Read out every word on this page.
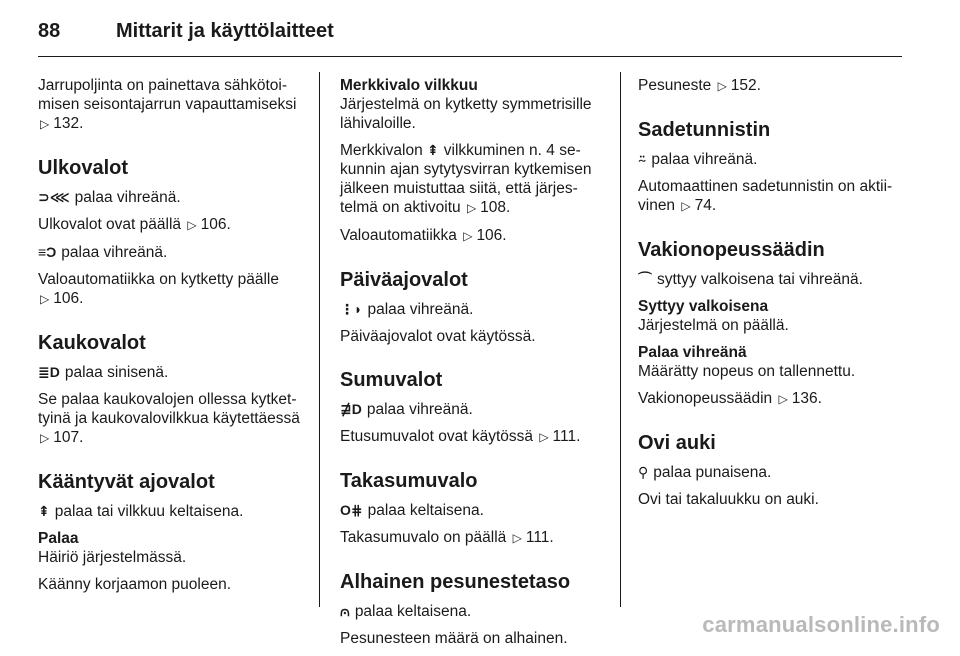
88	Mittarit ja käyttölaitteet

Jarrupoljinta on painettava sähkötoimisen seisontajarrun vapauttamiseksi ▷ 132.

Ulkovalot

⊃⋘ palaa vihreänä.

Ulkovalot ovat päällä ▷ 106.

≡Ɔ palaa vihreänä.

Valoautomatiikka on kytketty päälle
▷ 106.

Kaukovalot

≣D palaa sinisenä.

Se palaa kaukovalojen ollessa kytkettyinä ja kaukovalovilkkua käytettäessä ▷ 107.

Kääntyvät ajovalot

⇞ palaa tai vilkkuu keltaisena.

Palaa

Häiriö järjestelmässä.

Käänny korjaamon puoleen.

Merkkivalo vilkkuu

Järjestelmä on kytketty symmetrisille lähivaloille.

Merkkivalon ⇞ vilkkuminen n. 4 sekunnin ajan sytytysvirran kytkemisen jälkeen muistuttaa siitä, että järjestelmä on aktivoitu ▷ 108.

Valoautomatiikka ▷ 106.

Päiväajovalot

⋮◗ palaa vihreänä.

Päiväajovalot ovat käytössä.

Sumuvalot

⋣D palaa vihreänä.

Etusumuvalot ovat käytössä ▷ 111.

Takasumuvalo

O⋕ palaa keltaisena.

Takasumuvalo on päällä ▷ 111.

Alhainen pesunestetaso

⩀ palaa keltaisena.

Pesunesteen määrä on alhainen.

Pesuneste ▷ 152.

Sadetunnistin

⍨ palaa vihreänä.

Automaattinen sadetunnistin on aktiivinen ▷ 74.

Vakionopeussäädin

⌒ syttyy valkoisena tai vihreänä.

Syttyy valkoisena

Järjestelmä on päällä.

Palaa vihreänä

Määrätty nopeus on tallennettu.

Vakionopeussäädin ▷ 136.

Ovi auki

⚲ palaa punaisena.

Ovi tai takaluukku on auki.

carmanualsonline.info
